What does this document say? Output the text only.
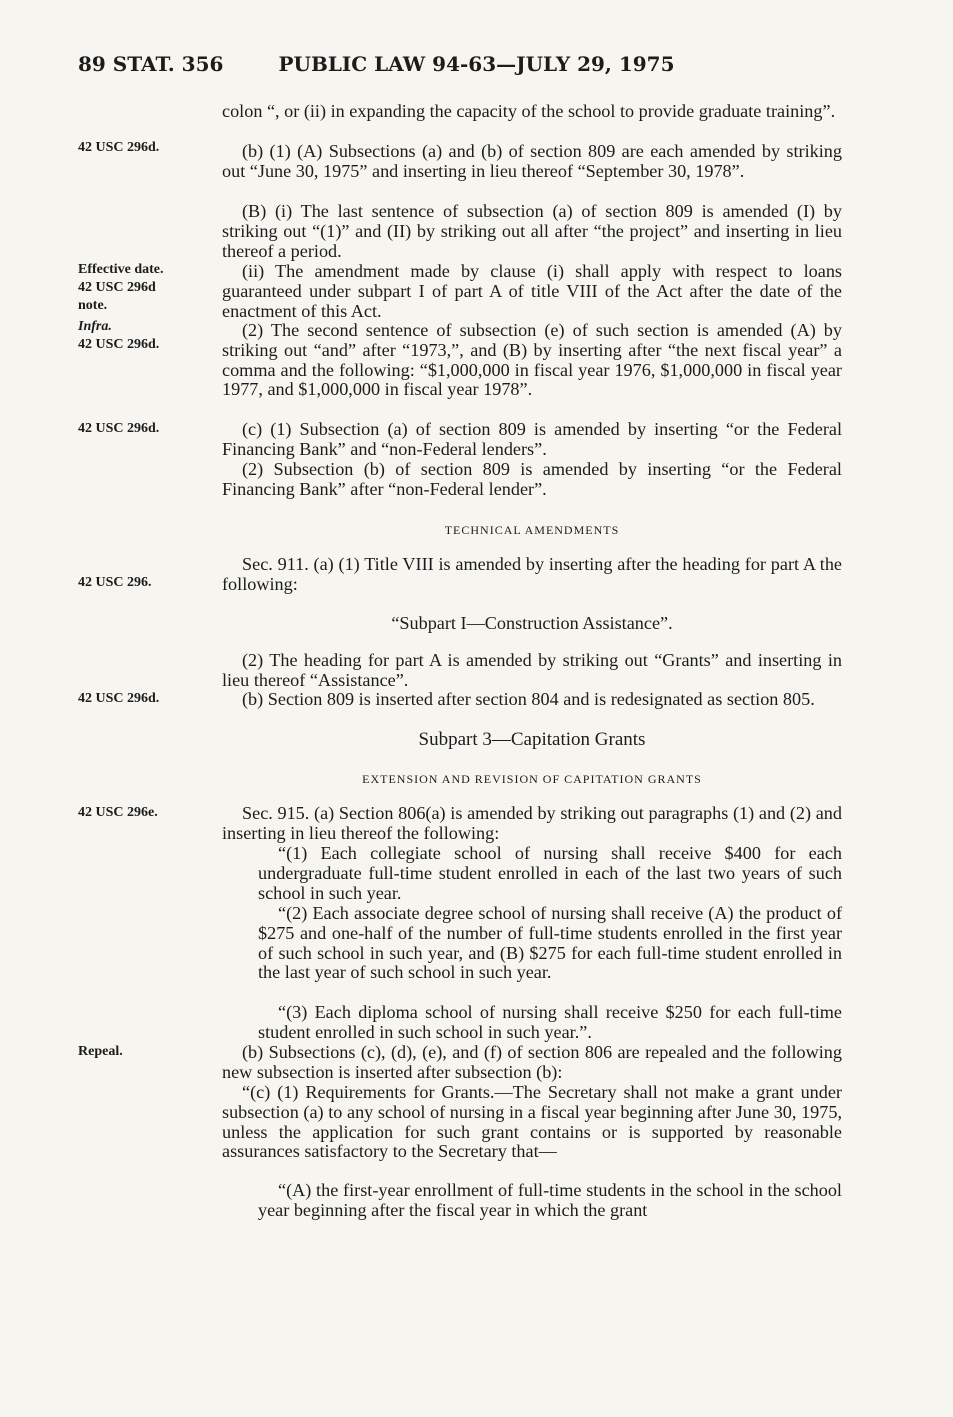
89 STAT. 356	PUBLIC LAW 94-63—JULY 29, 1975
42 USC 296d.
Effective date.
42 USC 296d
note.
Infra.
42 USC 296d.
42 USC 296d.
42 USC 296.
42 USC 296d.
42 USC 296e.
Repeal.

colon “, or (ii) in expanding the capacity of the school to provide graduate training”.

(b) (1) (A) Subsections (a) and (b) of section 809 are each amended by striking out “June 30, 1975” and inserting in lieu thereof “September 30, 1978”.

(B) (i) The last sentence of subsection (a) of section 809 is amended (I) by striking out “(1)” and (II) by striking out all after “the project” and inserting in lieu thereof a period.

(ii) The amendment made by clause (i) shall apply with respect to loans guaranteed under subpart I of part A of title VIII of the Act after the date of the enactment of this Act.

(2) The second sentence of subsection (e) of such section is amended (A) by striking out “and” after “1973,”, and (B) by inserting after “the next fiscal year” a comma and the following: “$1,000,000 in fiscal year 1976, $1,000,000 in fiscal year 1977, and $1,000,000 in fiscal year 1978”.

(c) (1) Subsection (a) of section 809 is amended by inserting “or the Federal Financing Bank” and “non-Federal lenders”.

(2) Subsection (b) of section 809 is amended by inserting “or the Federal Financing Bank” after “non-Federal lender”.

TECHNICAL AMENDMENTS

Sec. 911. (a) (1) Title VIII is amended by inserting after the heading for part A the following:

“Subpart I—Construction Assistance”.

(2) The heading for part A is amended by striking out “Grants” and inserting in lieu thereof “Assistance”.

(b) Section 809 is inserted after section 804 and is redesignated as section 805.

Subpart 3—Capitation Grants
EXTENSION AND REVISION OF CAPITATION GRANTS

Sec. 915. (a) Section 806(a) is amended by striking out paragraphs (1) and (2) and inserting in lieu thereof the following:

“(1) Each collegiate school of nursing shall receive $400 for each undergraduate full-time student enrolled in each of the last two years of such school in such year.

“(2) Each associate degree school of nursing shall receive (A) the product of $275 and one-half of the number of full-time students enrolled in the first year of such school in such year, and (B) $275 for each full-time student enrolled in the last year of such school in such year.

“(3) Each diploma school of nursing shall receive $250 for each full-time student enrolled in such school in such year.”.

(b) Subsections (c), (d), (e), and (f) of section 806 are repealed and the following new subsection is inserted after subsection (b):

“(c) (1) Requirements for Grants.—The Secretary shall not make a grant under subsection (a) to any school of nursing in a fiscal year beginning after June 30, 1975, unless the application for such grant contains or is supported by reasonable assurances satisfactory to the Secretary that—

“(A) the first-year enrollment of full-time students in the school in the school year beginning after the fiscal year in which the grant
